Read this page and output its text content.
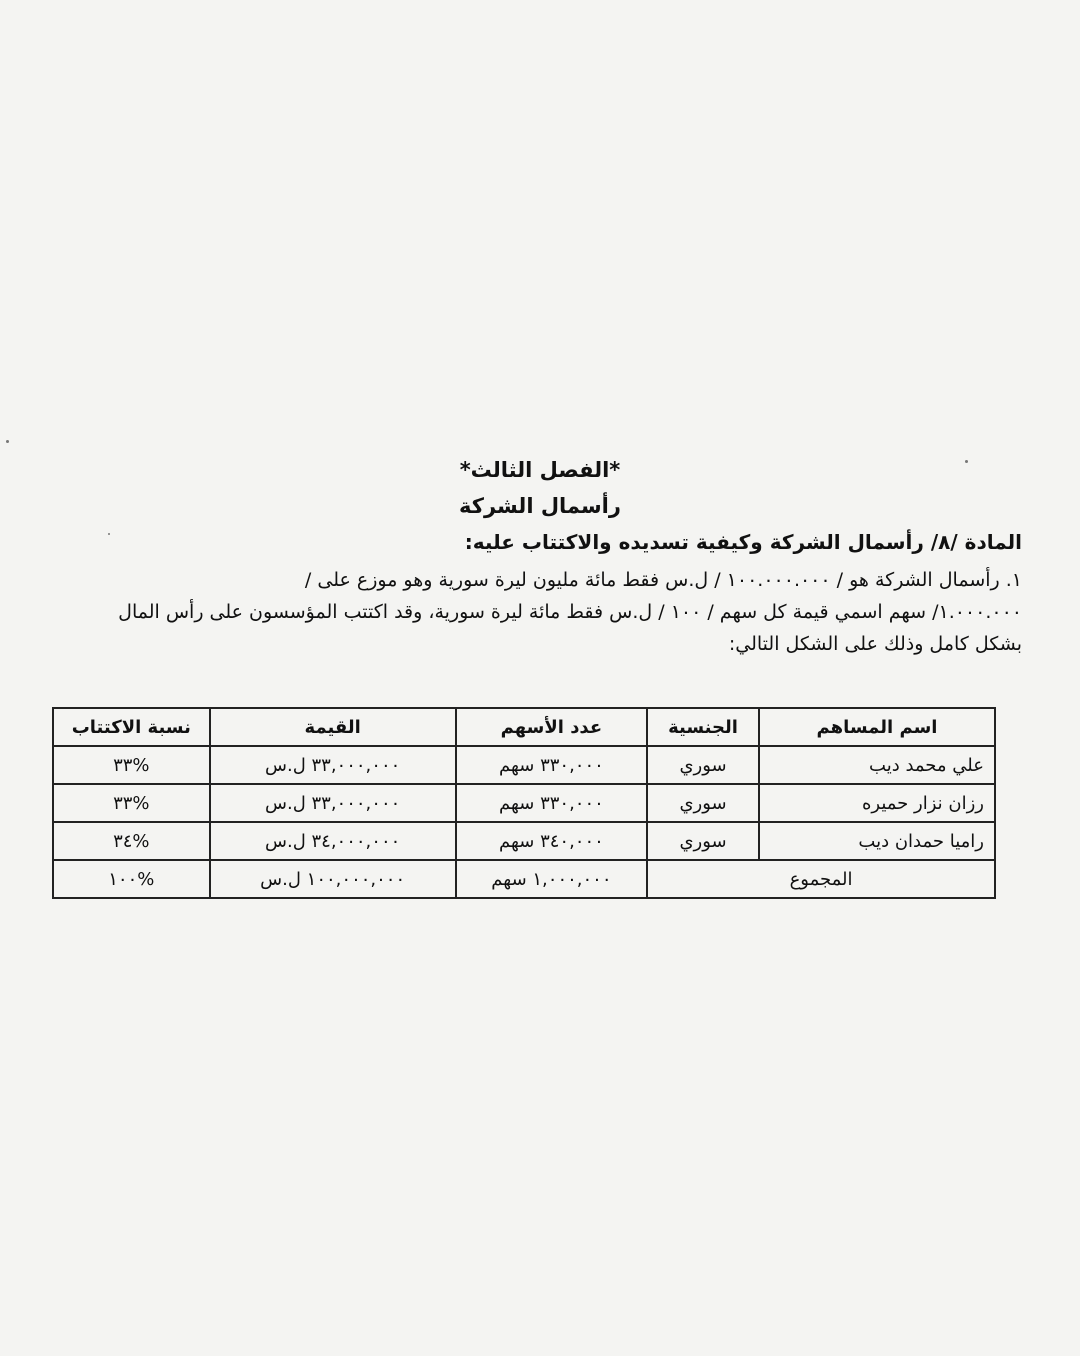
*الفصل الثالث*
رأسمال الشركة
المادة /٨/ رأسمال الشركة وكيفية تسديده والاكتتاب عليه:
١. رأسمال الشركة هو / ١٠٠.٠٠٠.٠٠٠ / ل.س فقط مائة مليون ليرة سورية وهو موزع على /
١.٠٠٠.٠٠٠/ سهم اسمي قيمة كل سهم / ١٠٠ / ل.س فقط مائة ليرة سورية، وقد اكتتب المؤسسون على رأس المال
بشكل كامل وذلك على الشكل التالي:
اسم المساهم	الجنسية	عدد الأسهم	القيمة	نسبة الاكتتاب
علي محمد ديب	سوري	٣٣٠,٠٠٠ سهم	٣٣,٠٠٠,٠٠٠ ل.س	%٣٣
رزان نزار حميره	سوري	٣٣٠,٠٠٠ سهم	٣٣,٠٠٠,٠٠٠ ل.س	%٣٣
راميا حمدان ديب	سوري	٣٤٠,٠٠٠ سهم	٣٤,٠٠٠,٠٠٠ ل.س	%٣٤
المجموع		١,٠٠٠,٠٠٠ سهم	١٠٠,٠٠٠,٠٠٠ ل.س	%١٠٠
